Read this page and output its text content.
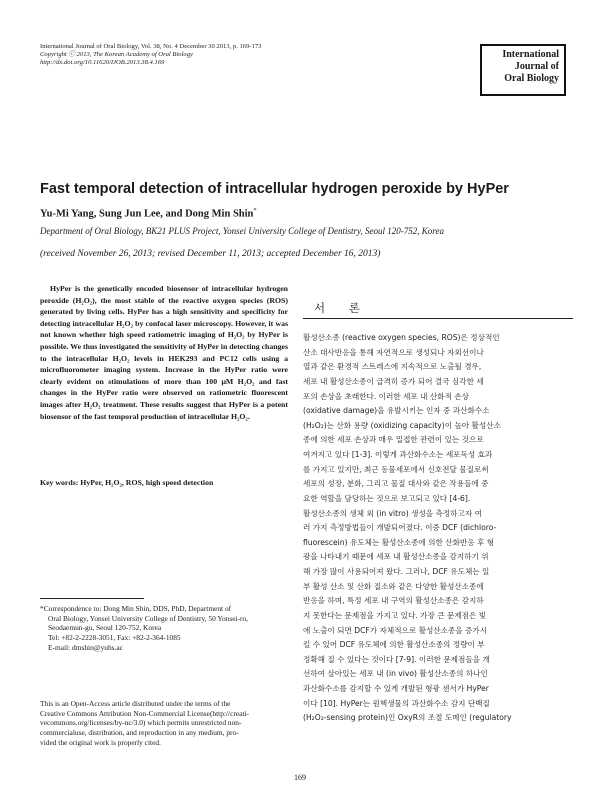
International Journal of Oral Biology, Vol. 38, No. 4 December 30 2013, p. 169-173
Copyright ⓒ 2013, The Korean Academy of Oral Biology
http://dx.doi.org/10.11620/IJOB.2013.38.4.169
International
Journal of
Oral Biology
Fast temporal detection of intracellular hydrogen peroxide by HyPer
Yu-Mi Yang, Sung Jun Lee, and Dong Min Shin*
Department of Oral Biology, BK21 PLUS Project, Yonsei University College of Dentistry, Seoul 120-752, Korea
(received November 26, 2013; revised December 11, 2013; accepted December 16, 2013)

HyPer is the genetically encoded biosensor of intracellular hydrogen peroxide (H₂O₂), the most stable of the reactive oxygen species (ROS) generated by living cells. HyPer has a high sensitivity and specificity for detecting intracellular H₂O₂ by confocal laser microscopy. However, it was not known whether high speed ratiometric imaging of H₂O₂ by HyPer is possible. We thus investigated the sensitivity of HyPer in detecting changes to the intracellular H₂O₂ levels in HEK293 and PC12 cells using a microfluorometer imaging system. Increase in the HyPer ratio were clearly evident on stimulations of more than 100 μM H₂O₂ and fast changes in the HyPer ratio were observed on ratiometric fluorescent images after H₂O₂ treatment. These results suggest that HyPer is a potent biosensor of the fast temporal production of intracellular H₂O₂.

Key words: HyPer, H₂O₂, ROS, high speed detection
*Correspondence to: Dong Min Shin, DDS, PhD, Department of
Oral Biology, Yonsei University College of Dentistry, 50 Yonsei-ro,
Seodaemun-gu, Seoul 120-752, Korea
Tel: +82-2-2228-3051, Fax: +82-2-364-1085
E-mail: dmshin@yuhs.ac
This is an Open-Access article distributed under the terms of the
Creative Commons Attribution Non-Commercial License(http://creati-
vecommons.org/licenses/by-nc/3.0) which permits unrestricted non-
commercialuse, distribution, and reproduction in any medium, pro-
vided the original work is properly cited.
서 론
활성산소종 (reactive oxygen species, ROS)은 정상적인
산소 대사반응을 통해 자연적으로 생성되나 자외선이나
열과 같은 환경적 스트레스에 지속적으로 노출될 경우,
세포 내 활성산소종이 급격히 증가 되어 결국 심각한 세
포의 손상을 초래한다. 이러한 세포 내 산화적 손상
(oxidative damage)을 유발시키는 인자 중 과산화수소
(H₂O₂)는 산화 용량 (oxidizing capacity)이 높아 활성산소
종에 의한 세포 손상과 매우 밀접한 관련이 있는 것으로
여겨지고 있다 [1-3]. 이렇게 과산화수소는 세포독성 효과
를 가지고 있지만, 최근 동물세포에서 신호전달 물질로써
세포의 성장, 분화, 그리고 물질 대사와 같은 작용들에 중
요한 역할을 담당하는 것으로 보고되고 있다 [4-6].
활성산소종의 생체 외 (in vitro) 생성을 측정하고자 여
러 가지 측정방법들이 개발되어졌다. 이중 DCF (dichloro-
fluorescein) 유도체는 활성산소종에 의한 산화반응 후 형
광을 나타내기 때문에 세포 내 활성산소종을 감지하기 위
해 가장 많이 사용되어져 왔다. 그러나, DCF 유도체는 일
부 활성 산소 및 산화 질소와 같은 다양한 활성산소종에
반응을 하며, 특정 세포 내 구역의 활성산소종은 감지하
지 못한다는 문제점을 가지고 있다. 가장 큰 문제점은 빛
에 노출이 되면 DCF가 자체적으로 활성산소종을 증가시
킬 수 있어 DCF 유도체에 의한 활성산소종의 정량이 부
정확해 질 수 있다는 것이다 [7-9]. 이러한 문제점들을 개
선하여 살아있는 세포 내 (in vivo) 활성산소종의 하나인
과산화수소를 감지할 수 있게 개발된 형광 센서가 HyPer
이다 [10]. HyPer는 원핵생물의 과산화수소 감지 단백질
(H₂O₂-sensing protein)인 OxyR의 조절 도메인 (regulatory
169
